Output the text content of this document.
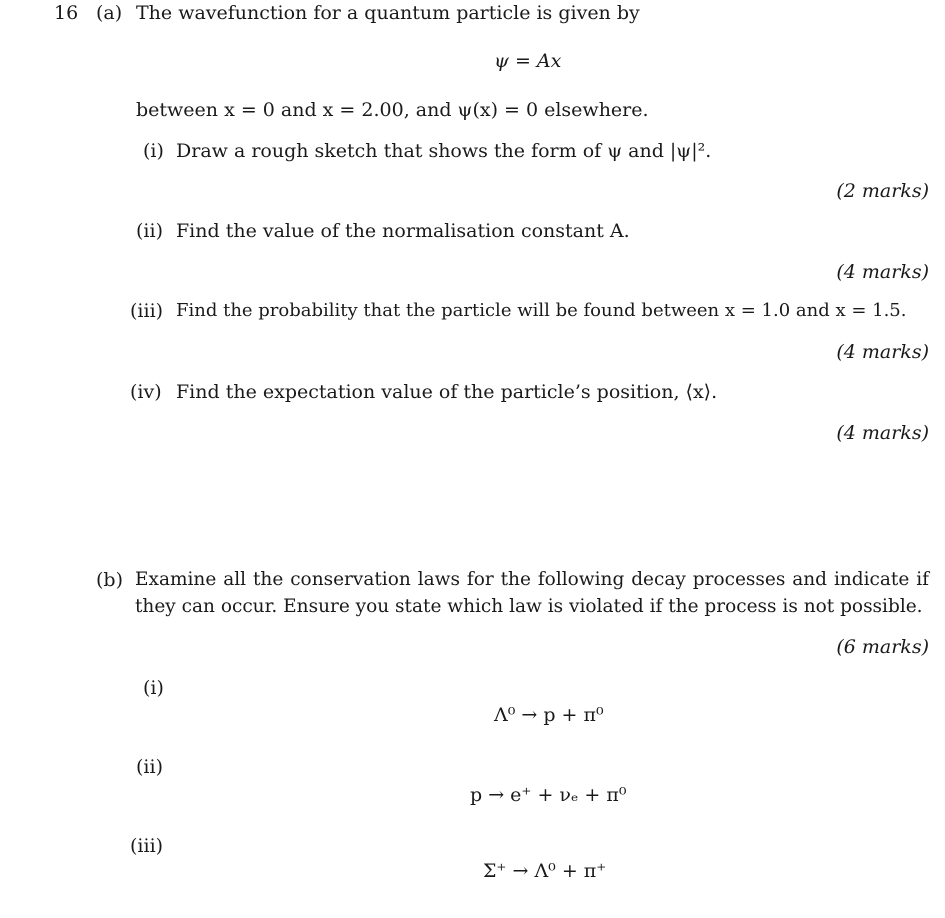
16 (a) The wavefunction for a quantum particle is given by
ψ = Ax
between x = 0 and x = 2.00, and ψ(x) = 0 elsewhere.
(i) Draw a rough sketch that shows the form of ψ and |ψ|².
(2 marks)
(ii) Find the value of the normalisation constant A.
(4 marks)
(iii) Find the probability that the particle will be found between x = 1.0 and x = 1.5.
(4 marks)
(iv) Find the expectation value of the particle’s position, ⟨x⟩.
(4 marks)
(b) Examine all the conservation laws for the following decay processes and indicate if they can occur. Ensure you state which law is violated if the process is not possible.
(6 marks)
(i)
Λ⁰ → p + π⁰
(ii)
p → e⁺ + νₑ + π⁰
(iii)
Σ⁺ → Λ⁰ + π⁺
